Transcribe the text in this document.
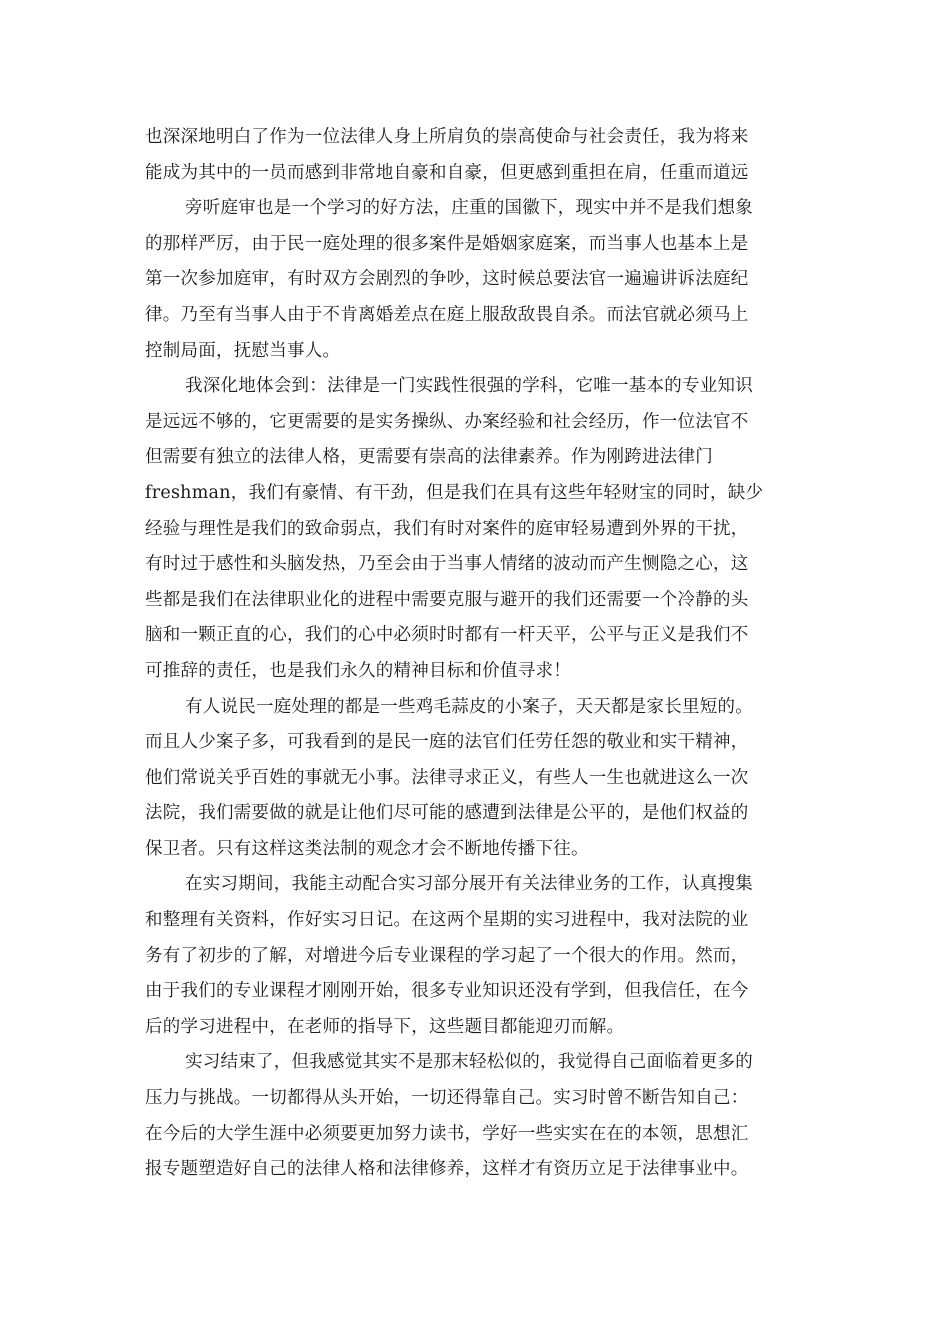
也深深地明白了作为一位法律人身上所肩负的崇高使命与社会责任，我为将来
能成为其中的一员而感到非常地自豪和自豪，但更感到重担在肩，任重而道远
旁听庭审也是一个学习的好方法，庄重的国徽下，现实中并不是我们想象
的那样严厉，由于民一庭处理的很多案件是婚姻家庭案，而当事人也基本上是
第一次参加庭审，有时双方会剧烈的争吵，这时候总要法官一遍遍讲诉法庭纪
律。乃至有当事人由于不肯离婚差点在庭上服敌敌畏自杀。而法官就必须马上
控制局面，抚慰当事人。
我深化地体会到：法律是一门实践性很强的学科，它唯一基本的专业知识
是远远不够的，它更需要的是实务操纵、办案经验和社会经历，作一位法官不
但需要有独立的法律人格，更需要有崇高的法律素养。作为刚跨进法律门
freshman，我们有豪情、有干劲，但是我们在具有这些年轻财宝的同时，缺少
经验与理性是我们的致命弱点，我们有时对案件的庭审轻易遭到外界的干扰，
有时过于感性和头脑发热，乃至会由于当事人情绪的波动而产生恻隐之心，这
些都是我们在法律职业化的进程中需要克服与避开的我们还需要一个冷静的头
脑和一颗正直的心，我们的心中必须时时都有一杆天平，公平与正义是我们不
可推辞的责任，也是我们永久的精神目标和价值寻求！
有人说民一庭处理的都是一些鸡毛蒜皮的小案子，天天都是家长里短的。
而且人少案子多，可我看到的是民一庭的法官们任劳任怨的敬业和实干精神，
他们常说关乎百姓的事就无小事。法律寻求正义，有些人一生也就进这么一次
法院，我们需要做的就是让他们尽可能的感遭到法律是公平的，是他们权益的
保卫者。只有这样这类法制的观念才会不断地传播下往。
在实习期间，我能主动配合实习部分展开有关法律业务的工作，认真搜集
和整理有关资料，作好实习日记。在这两个星期的实习进程中，我对法院的业
务有了初步的了解，对增进今后专业课程的学习起了一个很大的作用。然而，
由于我们的专业课程才刚刚开始，很多专业知识还没有学到，但我信任，在今
后的学习进程中，在老师的指导下，这些题目都能迎刃而解。
实习结束了，但我感觉其实不是那末轻松似的，我觉得自己面临着更多的
压力与挑战。一切都得从头开始，一切还得靠自己。实习时曾不断告知自己：
在今后的大学生涯中必须要更加努力读书，学好一些实实在在的本领，思想汇
报专题塑造好自己的法律人格和法律修养，这样才有资历立足于法律事业中。
